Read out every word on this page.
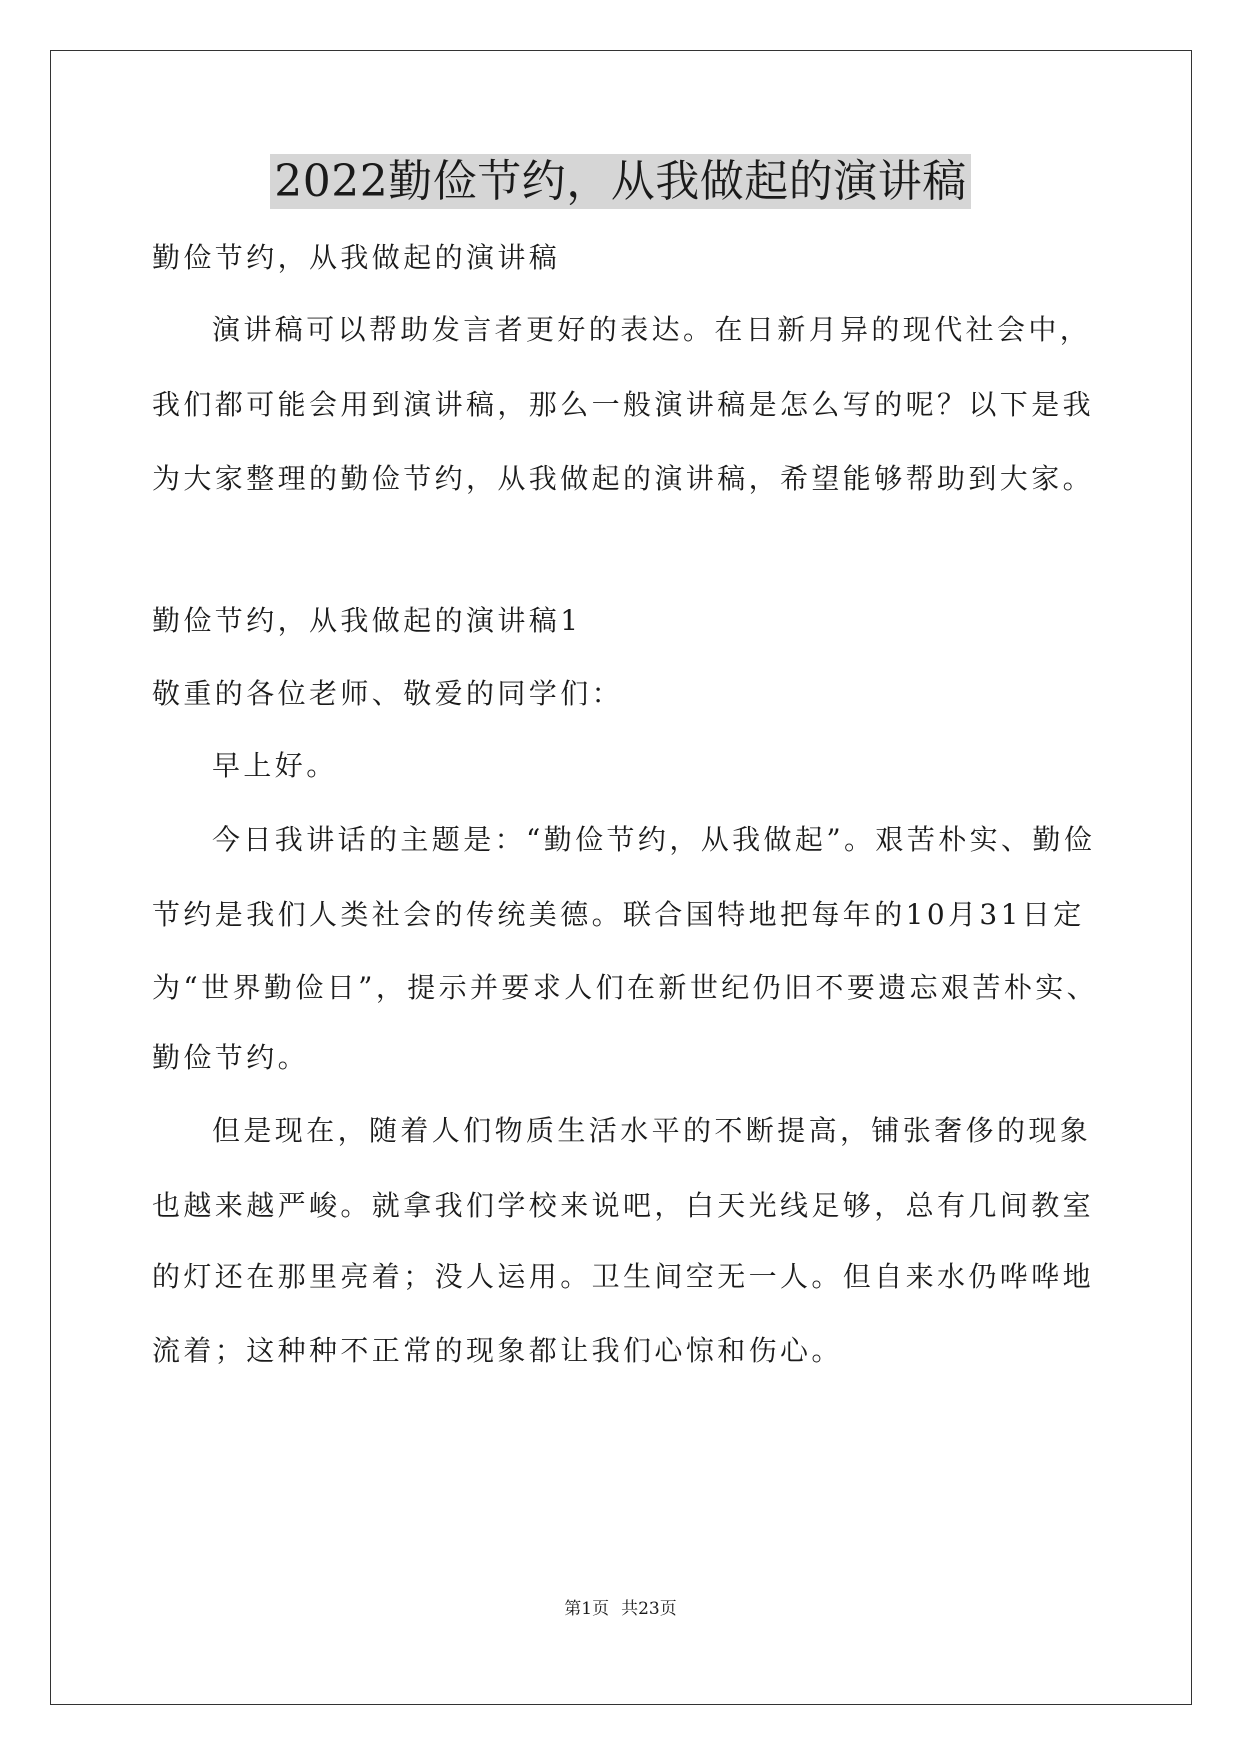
2022勤俭节约，从我做起的演讲稿

勤俭节约，从我做起的演讲稿

演讲稿可以帮助发言者更好的表达。在日新月异的现代社会中，

我们都可能会用到演讲稿，那么一般演讲稿是怎么写的呢？以下是我

为大家整理的勤俭节约，从我做起的演讲稿，希望能够帮助到大家。

勤俭节约，从我做起的演讲稿1

敬重的各位老师、敬爱的同学们：

早上好。

今日我讲话的主题是：“勤俭节约，从我做起”。艰苦朴实、勤俭

节约是我们人类社会的传统美德。联合国特地把每年的10月31日定

为“世界勤俭日”，提示并要求人们在新世纪仍旧不要遗忘艰苦朴实、

勤俭节约。

但是现在，随着人们物质生活水平的不断提高，铺张奢侈的现象

也越来越严峻。就拿我们学校来说吧，白天光线足够，总有几间教室

的灯还在那里亮着；没人运用。卫生间空无一人。但自来水仍哗哗地

流着；这种种不正常的现象都让我们心惊和伤心。

第1页 共23页
